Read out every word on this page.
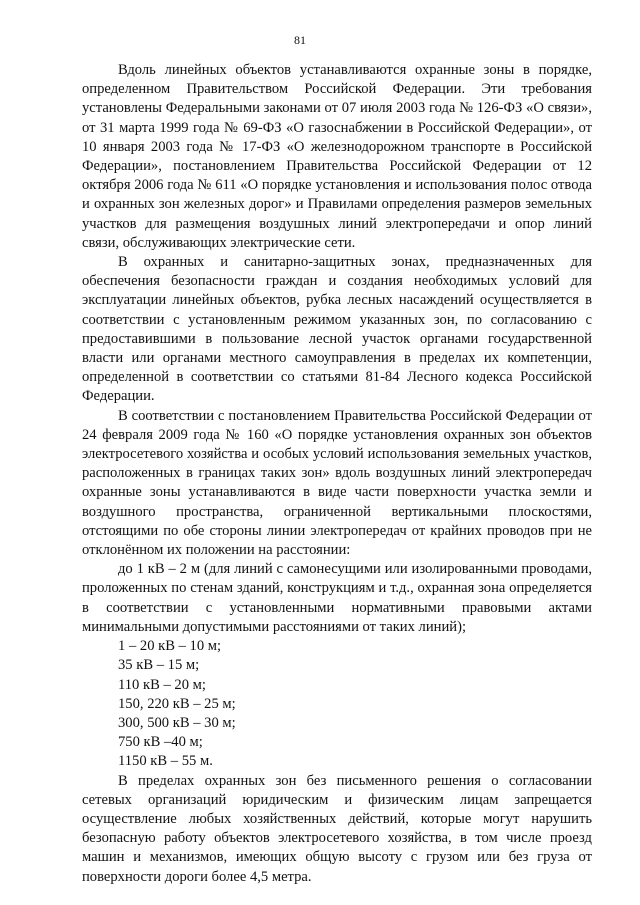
81

Вдоль линейных объектов устанавливаются охранные зоны в порядке, определенном Правительством Российской Федерации. Эти требования установлены Федеральными законами от 07 июля 2003 года № 126-ФЗ «О связи», от 31 марта 1999 года № 69-ФЗ «О газоснабжении в Российской Федерации», от 10 января 2003 года № 17-ФЗ «О железнодорожном транспорте в Российской Федерации», постановлением Правительства Российской Федерации от 12 октября 2006 года № 611 «О порядке установления и использования полос отвода и охранных зон железных дорог» и Правилами определения размеров земельных участков для размещения воздушных линий электропередачи и опор линий связи, обслуживающих электрические сети.

В охранных и санитарно-защитных зонах, предназначенных для обеспечения безопасности граждан и создания необходимых условий для эксплуатации линейных объектов, рубка лесных насаждений осуществляется в соответствии с установленным режимом указанных зон, по согласованию с предоставившими в пользование лесной участок органами государственной власти или органами местного самоуправления в пределах их компетенции, определенной в соответствии со статьями 81-84 Лесного кодекса Российской Федерации.

В соответствии с постановлением Правительства Российской Федерации от 24 февраля 2009 года № 160 «О порядке установления охранных зон объектов электросетевого хозяйства и особых условий использования земельных участков, расположенных в границах таких зон» вдоль воздушных линий электропередач охранные зоны устанавливаются в виде части поверхности участка земли и воздушного пространства, ограниченной вертикальными плоскостями, отстоящими по обе стороны линии электропередач от крайних проводов при не отклонённом их положении на расстоянии:

до 1 кВ – 2 м (для линий с самонесущими или изолированными проводами, проложенных по стенам зданий, конструкциям и т.д., охранная зона определяется в соответствии с установленными нормативными правовыми актами минимальными допустимыми расстояниями от таких линий);

1 – 20 кВ – 10 м;
35 кВ – 15 м;
110 кВ – 20 м;
150, 220 кВ – 25 м;
300, 500 кВ – 30 м;
750 кВ –40 м;
1150 кВ – 55 м.

В пределах охранных зон без письменного решения о согласовании сетевых организаций юридическим и физическим лицам запрещается осуществление любых хозяйственных действий, которые могут нарушить безопасную работу объектов электросетевого хозяйства, в том числе проезд машин и механизмов, имеющих общую высоту с грузом или без груза от поверхности дороги более 4,5 метра.
